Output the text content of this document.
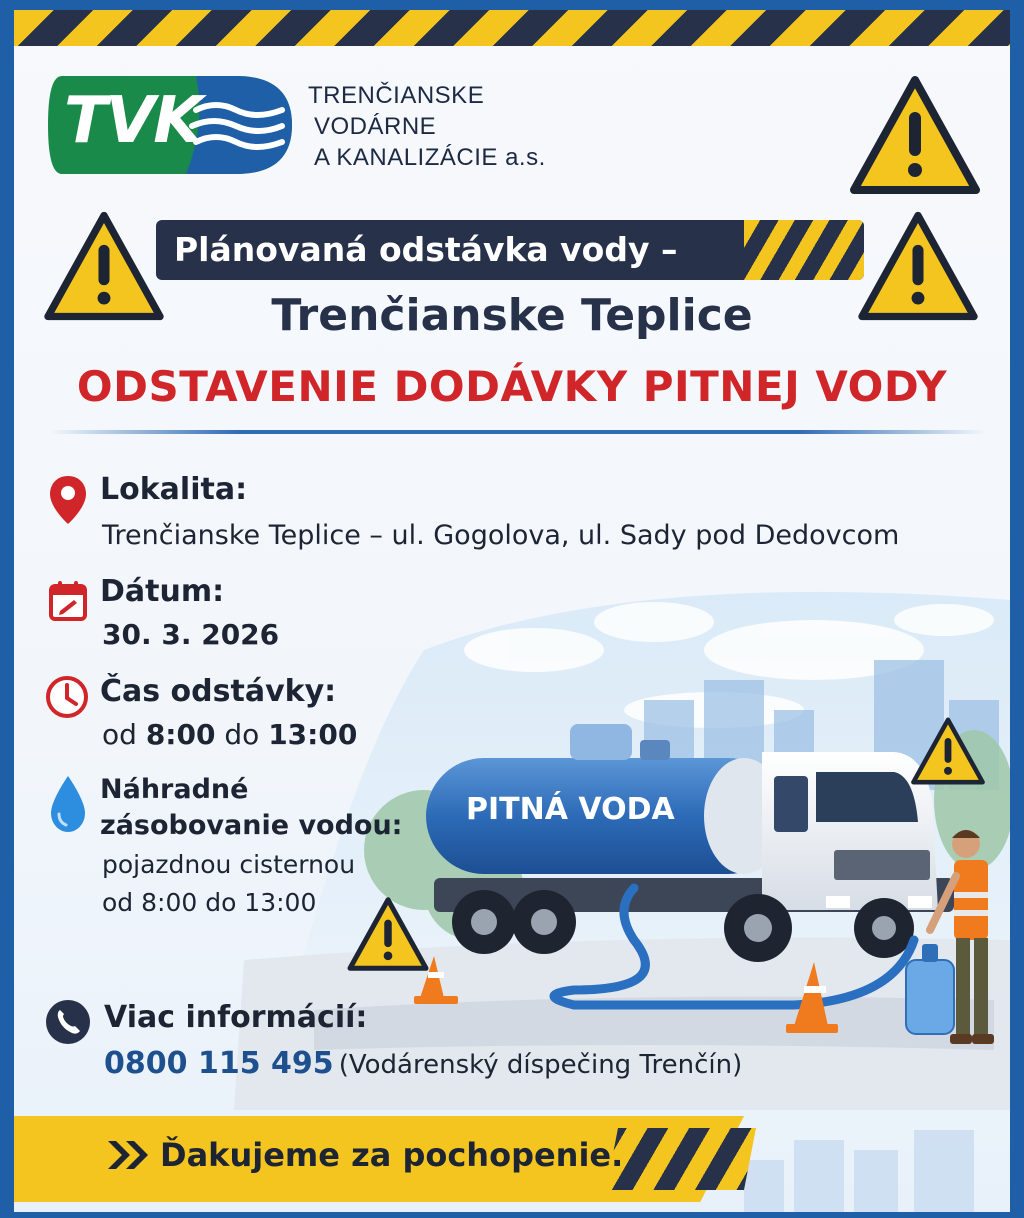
PITNÁ VODA
TVK	TRENČIANSKE
VODÁRNE
A KANALIZÁCIE a.s.
Plánovaná odstávka vody –
Trenčianske Teplice
ODSTAVENIE DODÁVKY PITNEJ VODY
Lokalita:
Trenčianske Teplice – ul. Gogolova, ul. Sady pod Dedovcom
Dátum:
30. 3. 2026
Čas odstávky:
od 8:00 do 13:00
Náhradné
zásobovanie vodou:
pojazdnou cisternou
od 8:00 do 13:00
Viac informácií:
0800 115 495 (Vodárenský díspečing Trenčín)
Ďakujeme za pochopenie.
